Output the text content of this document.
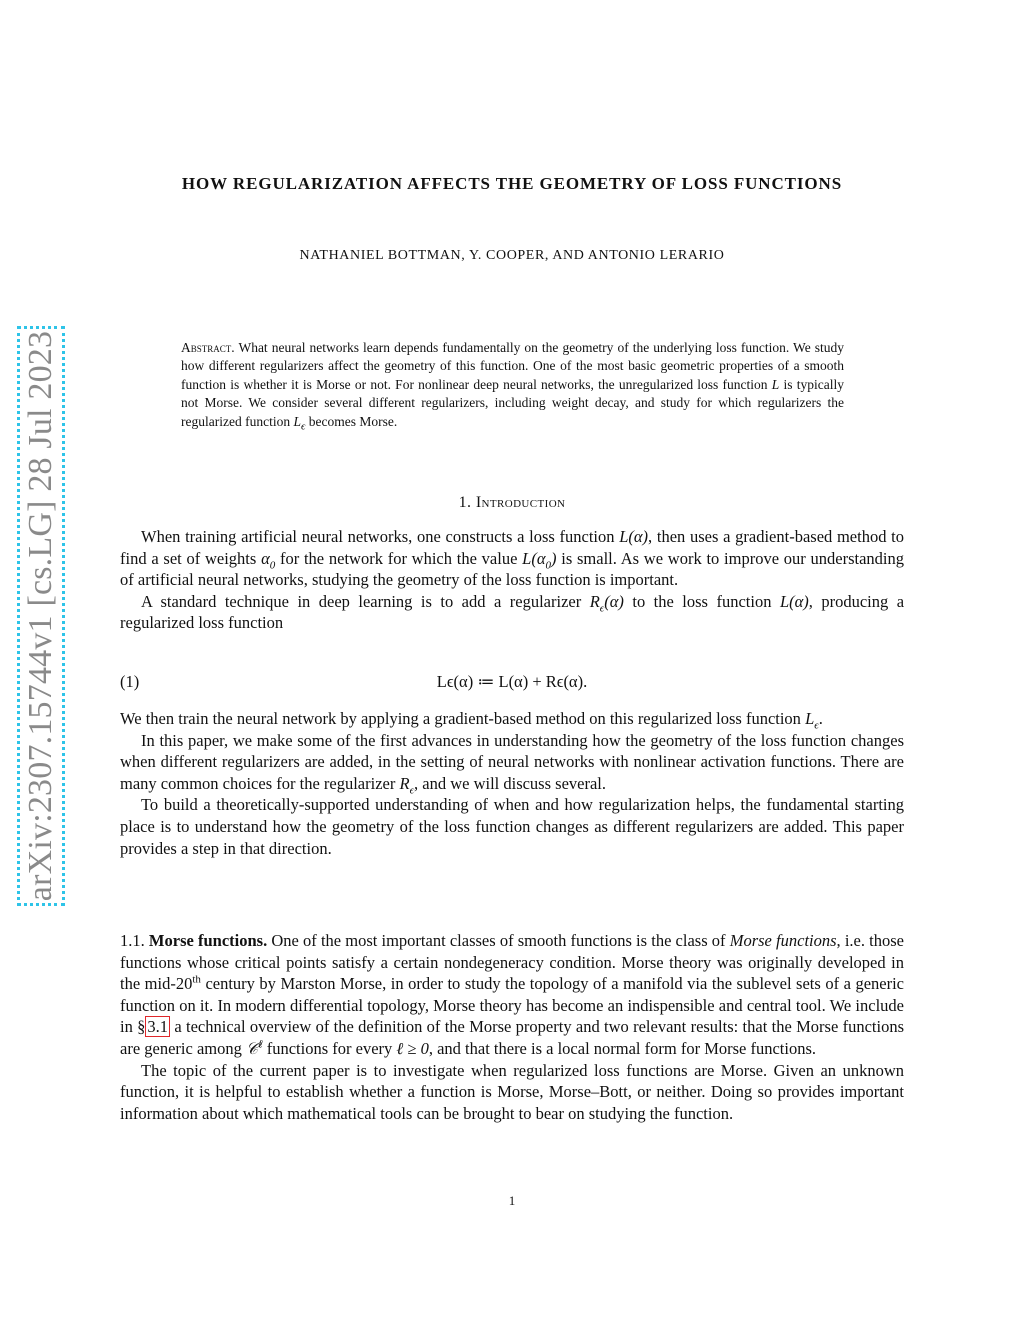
arXiv:2307.15744v1 [cs.LG] 28 Jul 2023
HOW REGULARIZATION AFFECTS THE GEOMETRY OF LOSS FUNCTIONS
NATHANIEL BOTTMAN, Y. COOPER, AND ANTONIO LERARIO
Abstract. What neural networks learn depends fundamentally on the geometry of the underlying loss function. We study how different regularizers affect the geometry of this function. One of the most basic geometric properties of a smooth function is whether it is Morse or not. For nonlinear deep neural networks, the unregularized loss function L is typically not Morse. We consider several different regularizers, including weight decay, and study for which regularizers the regularized function $L_\epsilon$ becomes Morse.
1. Introduction

When training artificial neural networks, one constructs a loss function L(α), then uses a gradient-based method to find a set of weights $\alpha_0$ for the network for which the value $L(\alpha_0)$ is small. As we work to improve our understanding of artificial neural networks, studying the geometry of the loss function is important.

A standard technique in deep learning is to add a regularizer $R_\epsilon(\alpha)$ to the loss function L(α), producing a regularized loss function

(1)	Lϵ(α) ≔ L(α) + Rϵ(α).

We then train the neural network by applying a gradient-based method on this regularized loss function $L_\epsilon$.

In this paper, we make some of the first advances in understanding how the geometry of the loss function changes when different regularizers are added, in the setting of neural networks with nonlinear activation functions. There are many common choices for the regularizer $R_\epsilon$, and we will discuss several.

To build a theoretically-supported understanding of when and how regularization helps, the fundamental starting place is to understand how the geometry of the loss function changes as different regularizers are added. This paper provides a step in that direction.

1.1. Morse functions. One of the most important classes of smooth functions is the class of Morse functions, i.e. those functions whose critical points satisfy a certain nondegeneracy condition. Morse theory was originally developed in the mid-20th century by Marston Morse, in order to study the topology of a manifold via the sublevel sets of a generic function on it. In modern differential topology, Morse theory has become an indispensible and central tool. We include in § 3.1 a technical overview of the definition of the Morse property and two relevant results: that the Morse functions are generic among 𝒞$^\ell$ functions for every ℓ ≥ 0, and that there is a local normal form for Morse functions.

The topic of the current paper is to investigate when regularized loss functions are Morse. Given an unknown function, it is helpful to establish whether a function is Morse, Morse–Bott, or neither. Doing so provides important information about which mathematical tools can be brought to bear on studying the function.

1
